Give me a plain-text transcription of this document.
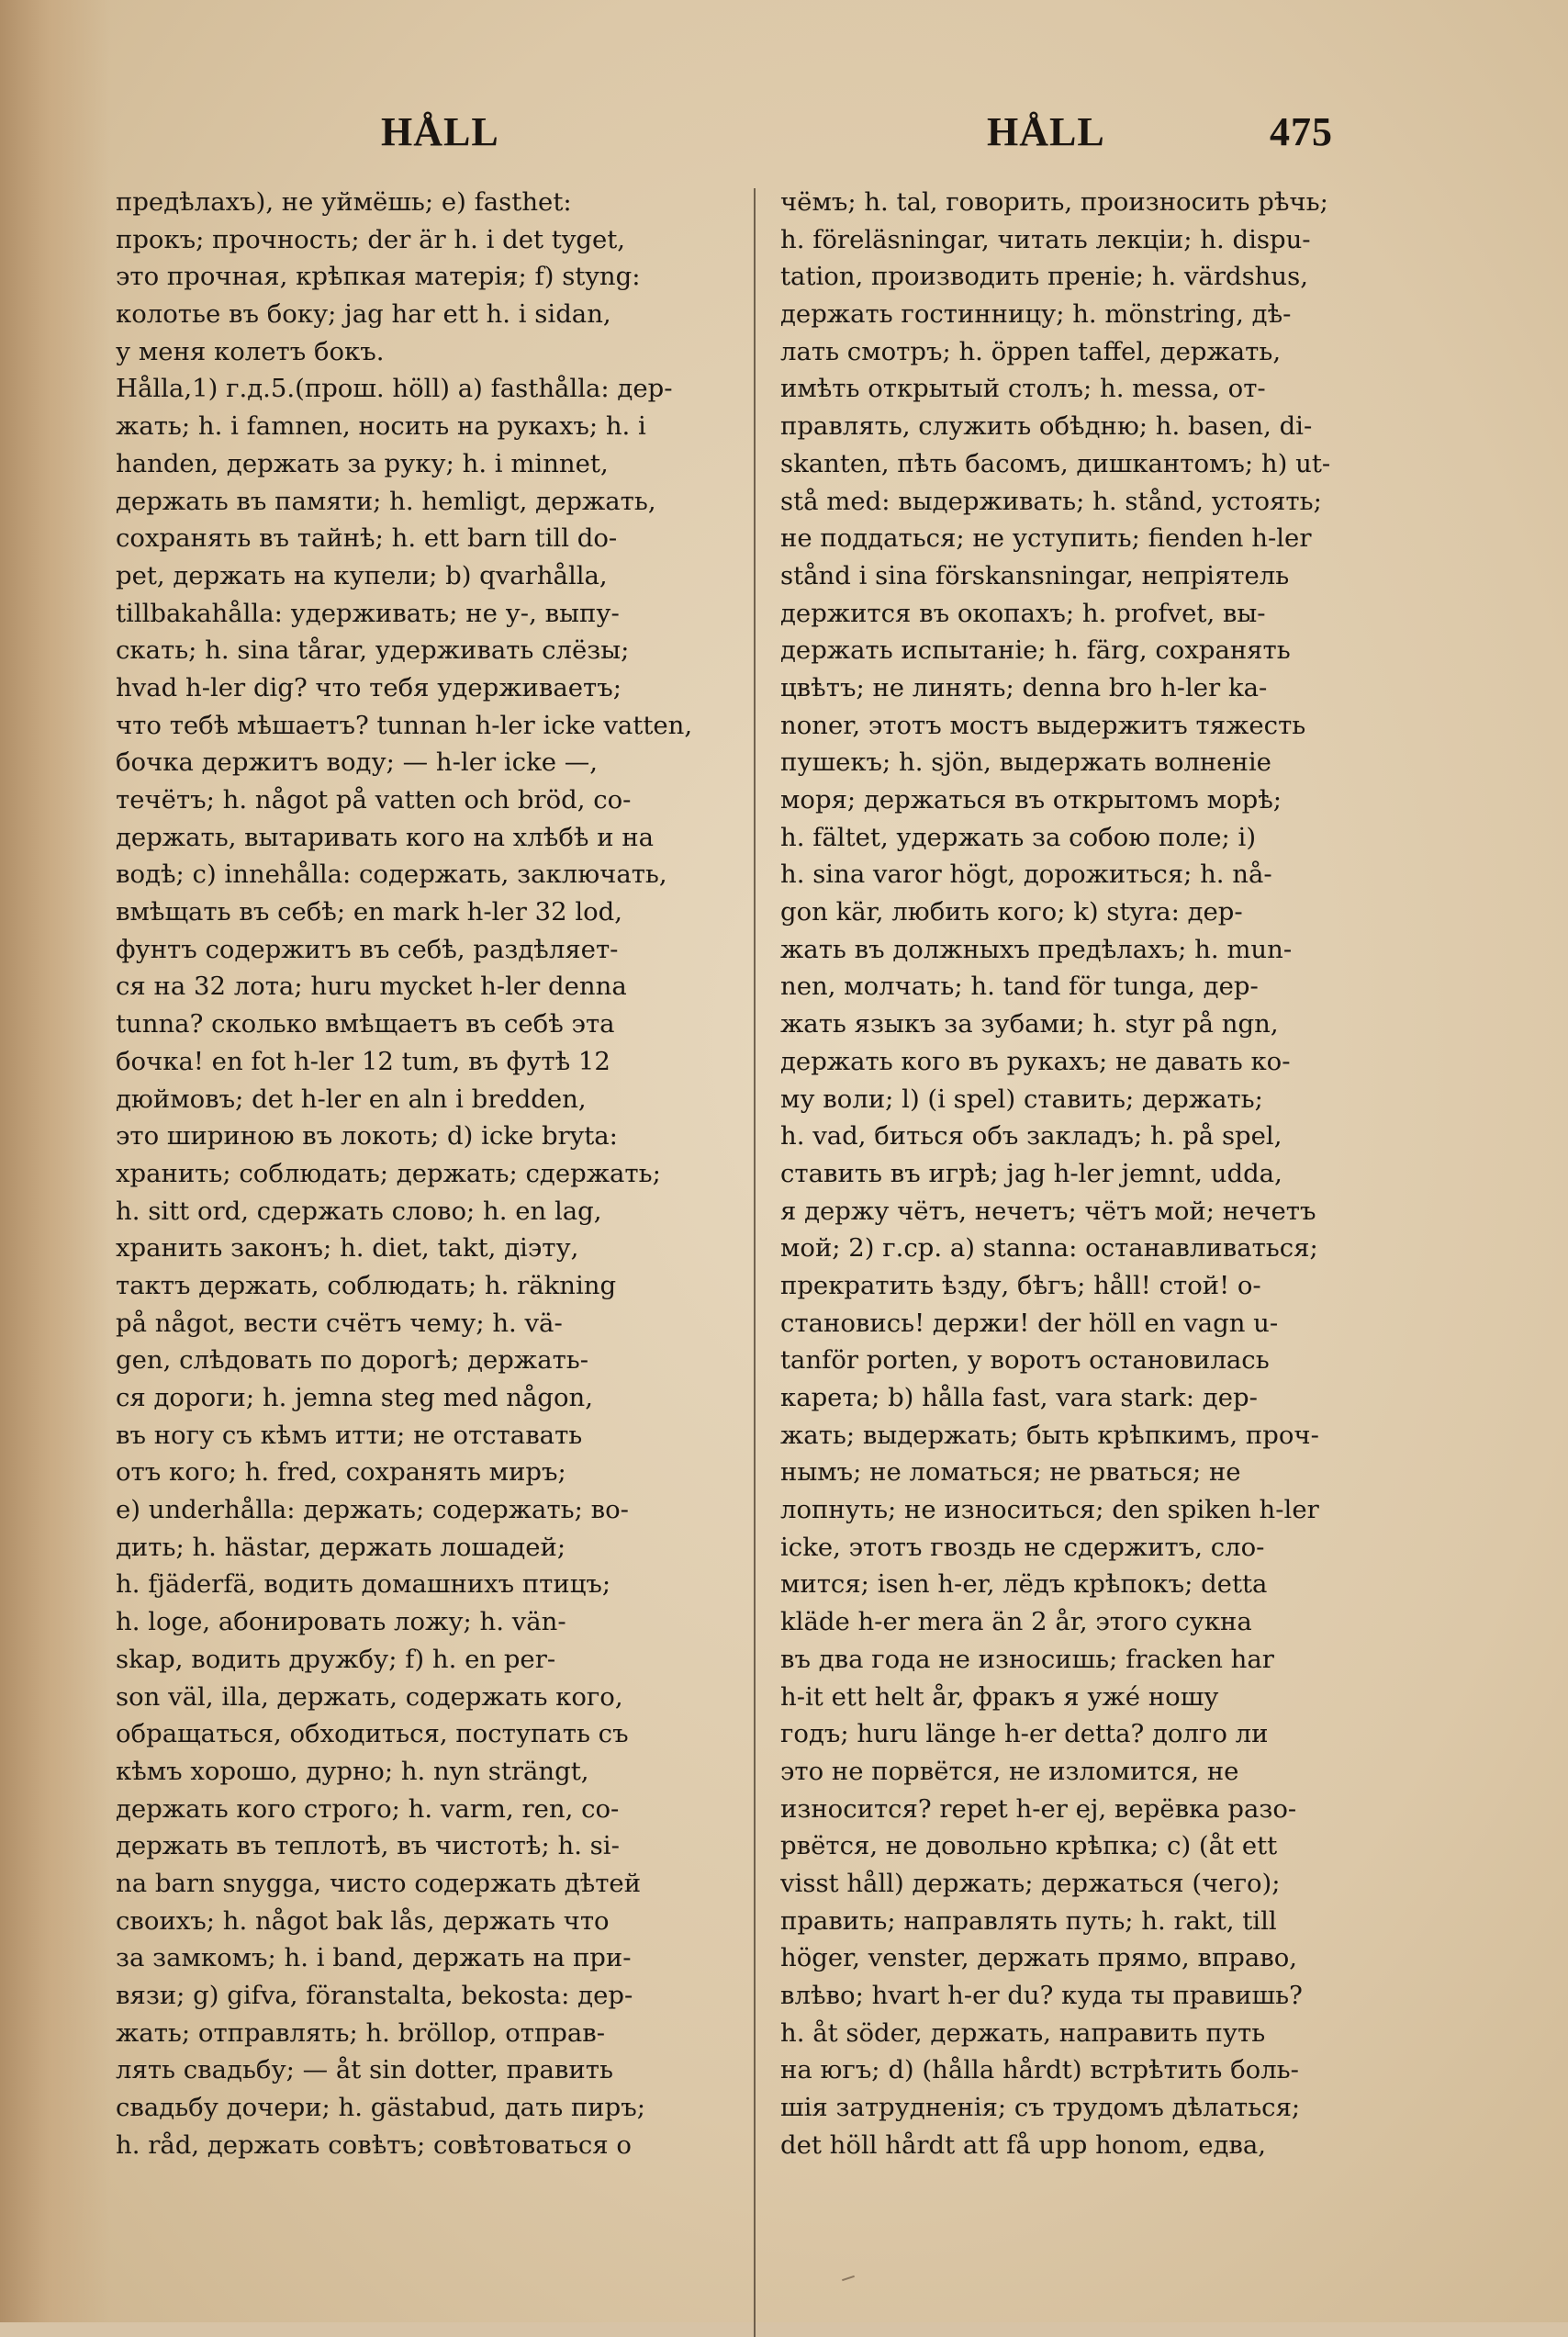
HÅLL	HÅLL	475
предѣлахъ), не уймёшь; e) fasthet:
прокъ; прочность; der är h. i det tyget,
это прочная, крѣпкая матерія; f) styng:
колотье въ боку; jag har ett h. i sidan,
у меня колетъ бокъ.
Hålla,1) г.д.5.(прош. höll) a) fasthålla: дер-
жать; h. i famnen, носить на рукахъ; h. i
handen, держать за руку; h. i minnet,
держать въ памяти; h. hemligt, держать,
сохранять въ тайнѣ; h. ett barn till do-
pet, держать на купели; b) qvarhålla,
tillbakahålla: удерживать; не у-, выпу-
скать; h. sina tårar, удерживать слёзы;
hvad h-ler dig? что тебя удерживаетъ;
что тебѣ мѣшаетъ? tunnan h-ler icke vatten,
бочка держитъ воду; — h-ler icke —,
течётъ; h. något på vatten och bröd, со-
держать, вытаривать кого на хлѣбѣ и на
водѣ; c) innehålla: содержать, заключать,
вмѣщать въ себѣ; en mark h-ler 32 lod,
фунтъ содержитъ въ себѣ, раздѣляет-
ся на 32 лота; huru mycket h-ler denna
tunna? сколько вмѣщаетъ въ себѣ эта
бочка! en fot h-ler 12 tum, въ футѣ 12
дюймовъ; det h-ler en aln i bredden,
это шириною въ локоть; d) icke bryta:
хранить; соблюдать; держать; сдержать;
h. sitt ord, сдержать слово; h. en lag,
хранить законъ; h. diet, takt, діэту,
тактъ держать, соблюдать; h. räkning
på något, вести счётъ чему; h. vä-
gen, слѣдовать по дорогѣ; держать-
ся дороги; h. jemna steg med någon,
въ ногу съ кѣмъ итти; не отставать
отъ кого; h. fred, сохранять миръ;
e) underhålla: держать; содержать; во-
дить; h. hästar, держать лошадей;
h. fjäderfä, водить домашнихъ птицъ;
h. loge, абонировать ложу; h. vän-
skap, водить дружбу; f) h. en per-
son väl, illa, держать, содержать кого,
обращаться, обходиться, поступать съ
кѣмъ хорошо, дурно; h. nyn strängt,
держать кого строго; h. varm, ren, со-
держать въ теплотѣ, въ чистотѣ; h. si-
na barn snygga, чисто содержать дѣтей
своихъ; h. något bak lås, держать что
за замкомъ; h. i band, держать на при-
вязи; g) gifva, föranstalta, bekosta: дер-
жать; отправлять; h. bröllop, отправ-
лять свадьбу; — åt sin dotter, править
свадьбу дочери; h. gästabud, дать пиръ;
h. råd, держать совѣтъ; совѣтоваться о
чёмъ; h. tal, говорить, произносить рѣчь;
h. föreläsningar, читать лекціи; h. dispu-
tation, производить преніе; h. värdshus,
держать гостинницу; h. mönstring, дѣ-
лать смотръ; h. öppen taffel, держать,
имѣть открытый столъ; h. messa, от-
правлять, служить обѣдню; h. basen, di-
skanten, пѣть басомъ, дишкантомъ; h) ut-
stå med: выдерживать; h. stånd, устоять;
не поддаться; не уступить; fienden h-ler
stånd i sina förskansningar, непріятель
держится въ окопахъ; h. profvet, вы-
держать испытаніе; h. färg, сохранять
цвѣтъ; не линять; denna bro h-ler ka-
noner, этотъ мостъ выдержитъ тяжесть
пушекъ; h. sjön, выдержать волненіе
моря; держаться въ открытомъ морѣ;
h. fältet, удержать за собою поле; i)
h. sina varor högt, дорожиться; h. nå-
gon kär, любить кого; k) styra: дер-
жать въ должныхъ предѣлахъ; h. mun-
nen, молчать; h. tand för tunga, дер-
жать языкъ за зубами; h. styr på ngn,
держать кого въ рукахъ; не давать ко-
му воли; l) (i spel) ставить; держать;
h. vad, биться объ закладъ; h. på spel,
ставить въ игрѣ; jag h-ler jemnt, udda,
я держу чётъ, нечетъ; чётъ мой; нечетъ
мой; 2) г.ср. a) stanna: останавливаться;
прекратить ѣзду, бѣгъ; håll! стой! о-
становись! держи! der höll en vagn u-
tanför porten, у воротъ остановилась
карета; b) hålla fast, vara stark: дер-
жать; выдержать; быть крѣпкимъ, проч-
нымъ; не ломаться; не рваться; не
лопнуть; не износиться; den spiken h-ler
icke, этотъ гвоздь не сдержитъ, сло-
мится; isen h-er, лёдъ крѣпокъ; detta
kläde h-er mera än 2 år, этого сукна
въ два года не износишь; fracken har
h-it ett helt år, фракъ я ужé ношу
годъ; huru länge h-er detta? долго ли
это не порвётся, не изломится, не
износится? repet h-er ej, верёвка разо-
рвётся, не довольно крѣпка; c) (åt ett
visst håll) держать; держаться (чего);
править; направлять путь; h. rakt, till
höger, venster, держать прямо, вправо,
влѣво; hvart h-er du? куда ты правишь?
h. åt söder, держать, направить путь
на югъ; d) (hålla hårdt) встрѣтить боль-
шія затрудненія; съ трудомъ дѣлаться;
det höll hårdt att få upp honom, едва,
